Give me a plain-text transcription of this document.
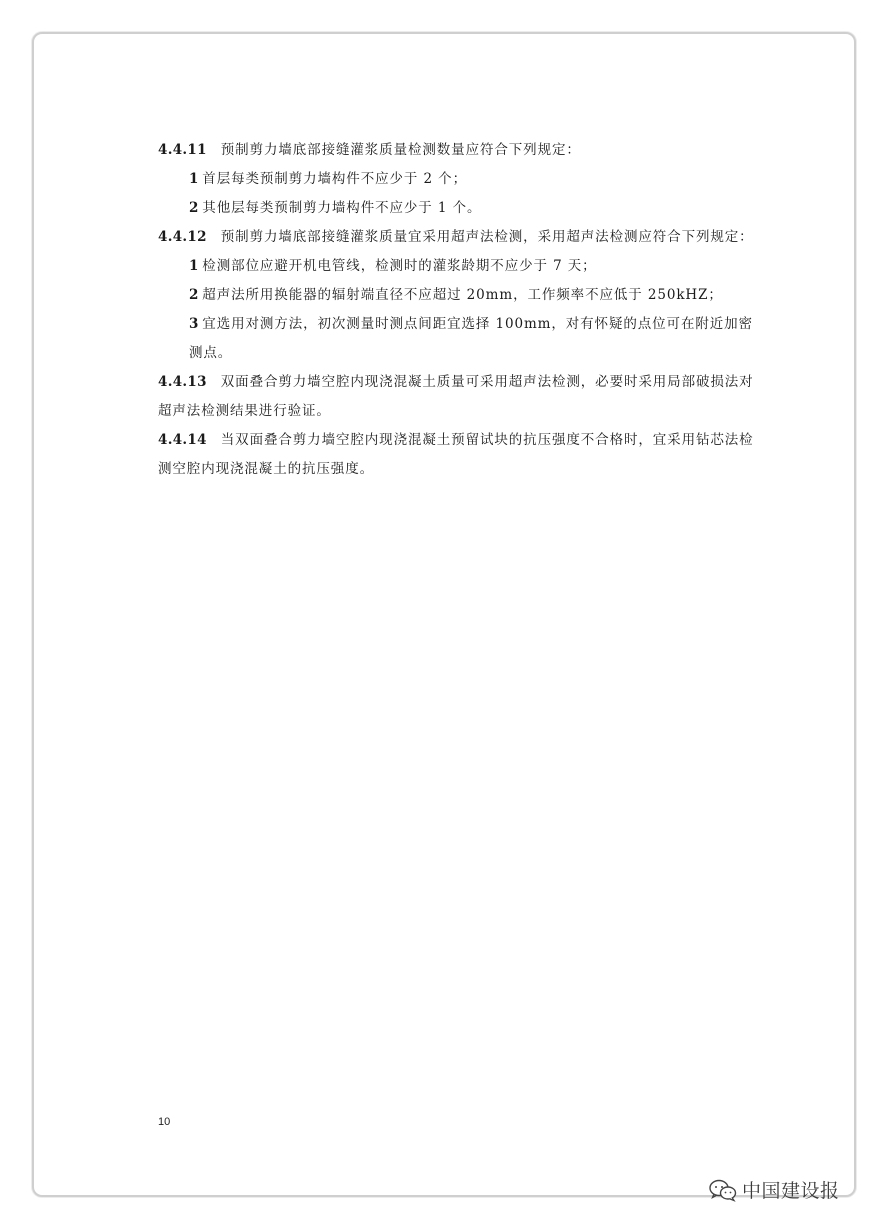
4.4.11 预制剪力墙底部接缝灌浆质量检测数量应符合下列规定：

1 首层每类预制剪力墙构件不应少于 2 个；

2 其他层每类预制剪力墙构件不应少于 1 个。

4.4.12 预制剪力墙底部接缝灌浆质量宜采用超声法检测，采用超声法检测应符合下列规定：

1 检测部位应避开机电管线，检测时的灌浆龄期不应少于 7 天；

2 超声法所用换能器的辐射端直径不应超过 20mm，工作频率不应低于 250kHZ；

3 宜选用对测方法，初次测量时测点间距宜选择 100mm，对有怀疑的点位可在附近加密测点。

4.4.13 双面叠合剪力墙空腔内现浇混凝土质量可采用超声法检测，必要时采用局部破损法对超声法检测结果进行验证。

4.4.14 当双面叠合剪力墙空腔内现浇混凝土预留试块的抗压强度不合格时，宜采用钻芯法检测空腔内现浇混凝土的抗压强度。

10
中国建设报
